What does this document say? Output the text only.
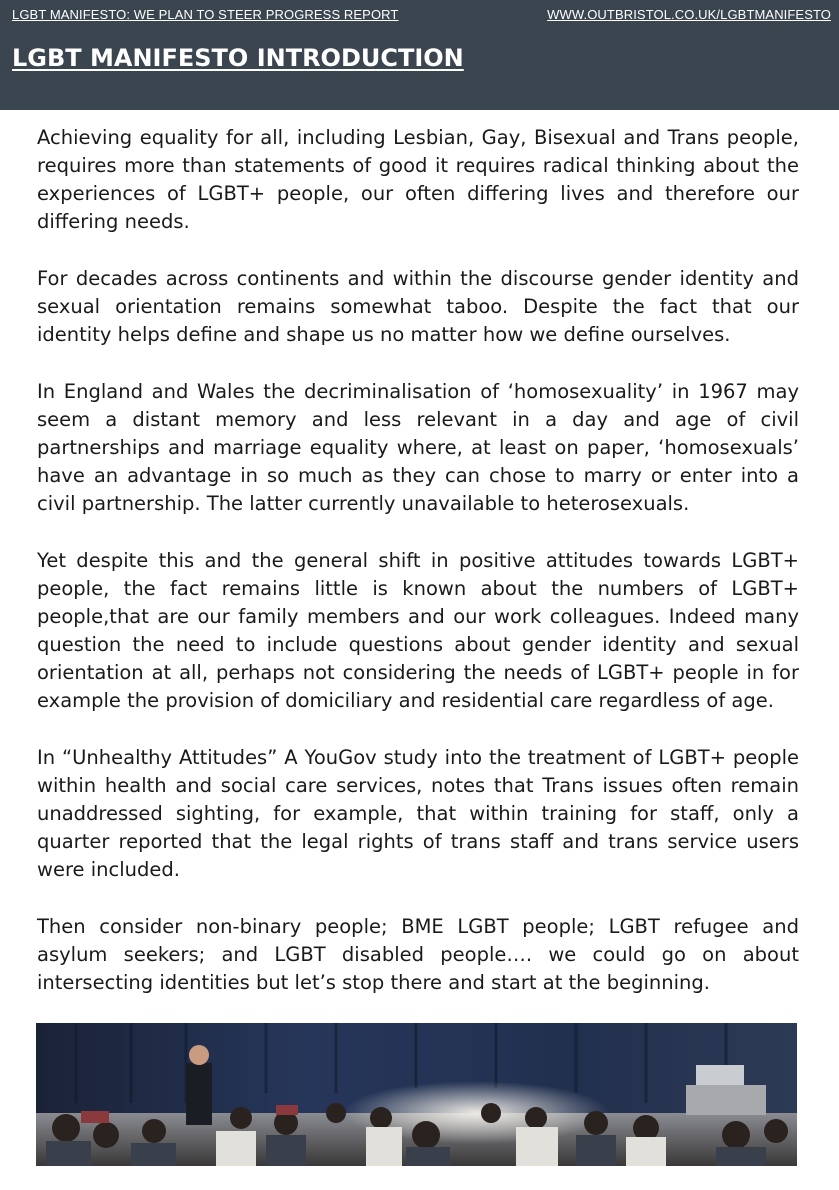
LGBT MANIFESTO: WE PLAN TO STEER PROGRESS REPORT	WWW.OUTBRISTOL.CO.UK/LGBTMANIFESTO
LGBT MANIFESTO INTRODUCTION

Achieving equality for all, including Lesbian, Gay, Bisexual and Trans people, requires more than statements of good it requires radical thinking about the experiences of LGBT+ people, our often differing lives and therefore our differing needs.

For decades across continents and within the discourse gender identity and sexual orientation remains somewhat taboo. Despite the fact that our identity helps define and shape us no matter how we define ourselves.

In England and Wales the decriminalisation of ‘homosexuality’ in 1967 may seem a distant memory and less relevant in a day and age of civil partnerships and marriage equality where, at least on paper, ‘homosexuals’ have an advantage in so much as they can chose to marry or enter into a civil partnership. The latter currently unavailable to heterosexuals.

Yet despite this and the general shift in positive attitudes towards LGBT+ people, the fact remains little is known about the numbers of LGBT+ people,that are our family members and our work colleagues. Indeed many question the need to include questions about gender identity and sexual orientation at all, perhaps not considering the needs of LGBT+ people in for example the provision of domiciliary and residential care regardless of age.

In “Unhealthy Attitudes” A YouGov study into the treatment of LGBT+ people within health and social care services, notes that Trans issues often remain unaddressed sighting, for example, that within training for staff, only a quarter reported that the legal rights of trans staff and trans service users were included.

Then consider non-binary people; BME LGBT people; LGBT refugee and asylum seekers; and LGBT disabled people…. we could go on about intersecting identities but let’s stop there and start at the beginning.
